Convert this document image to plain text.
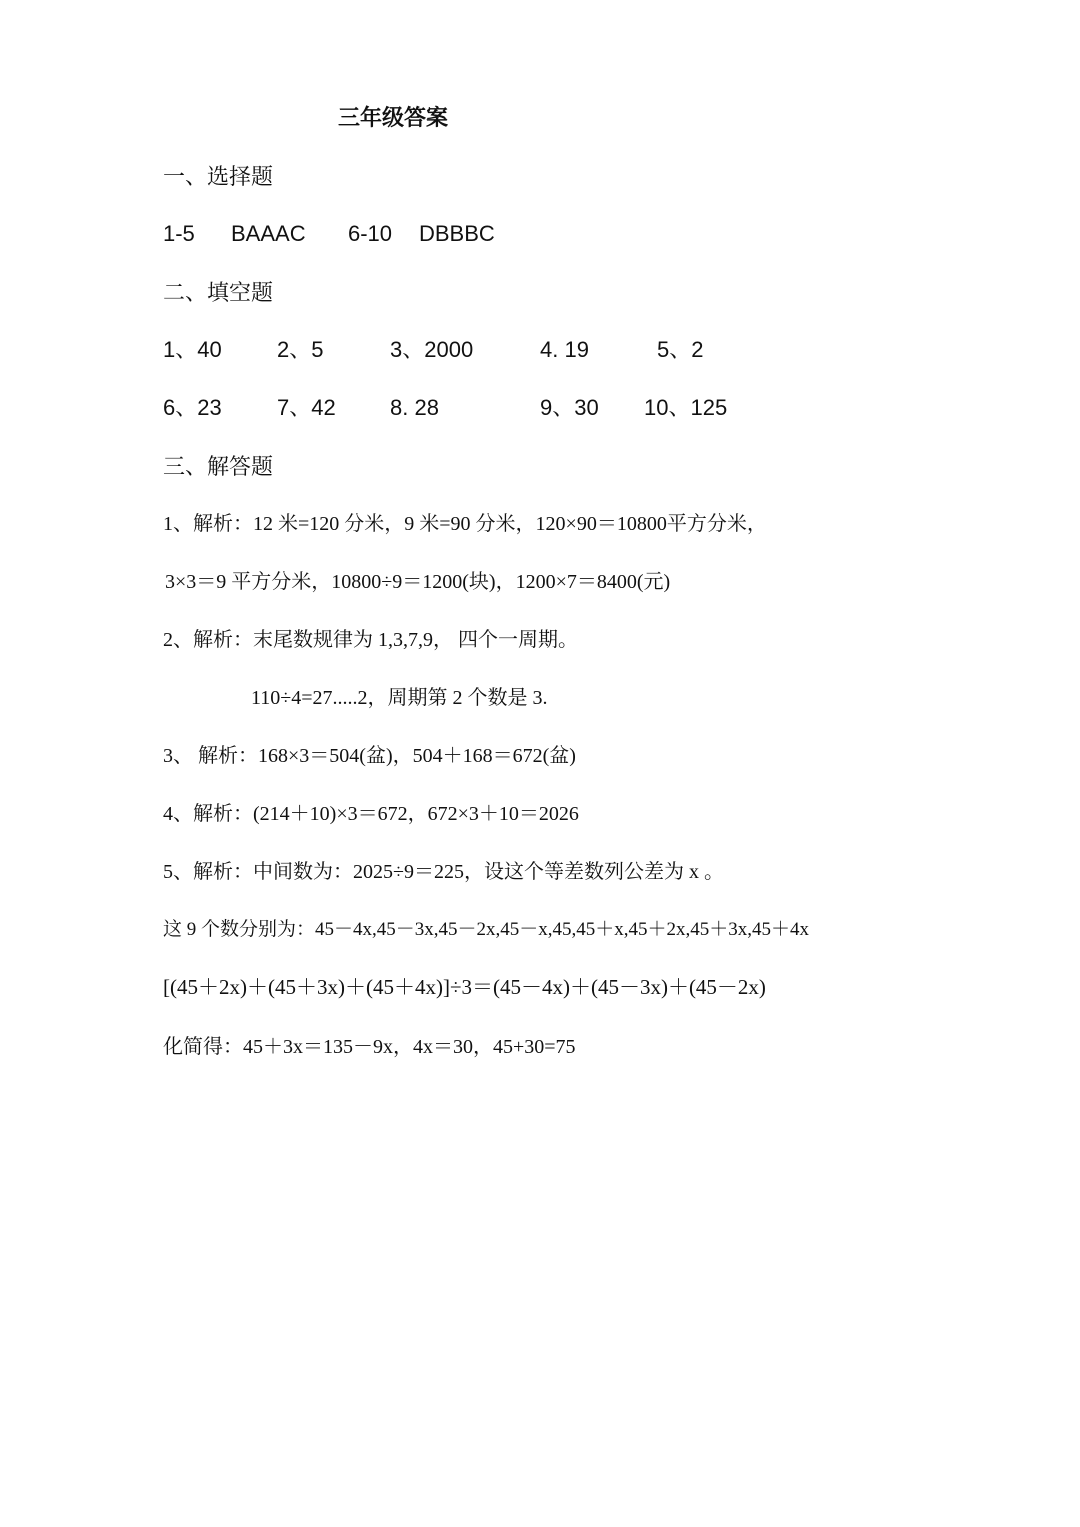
三年级答案
一、选择题
1-5 BAAAC 6-10 DBBBC
二、填空题
1、40	2、5	3、2000	4. 19	5、2
6、23	7、42 8. 28	9、30 10、125
三、解答题
1、解析：12 米=120 分米，9 米=90 分米，120×90＝10800平方分米，
3×3＝9 平方分米，10800÷9＝1200(块)，1200×7＝8400(元)
2、解析：末尾数规律为 1,3,7,9， 四个一周期。
110÷4=27.....2，周期第 2 个数是 3.
3、 解析：168×3＝504(盆)，504＋168＝672(盆)
4、解析：(214＋10)×3＝672，672×3＋10＝2026
5、解析：中间数为：2025÷9＝225，设这个等差数列公差为 x 。
这 9 个数分别为：45－4x,45－3x,45－2x,45－x,45,45＋x,45＋2x,45＋3x,45＋4x
[(45＋2x)＋(45＋3x)＋(45＋4x)]÷3＝(45－4x)＋(45－3x)＋(45－2x)
化简得：45＋3x＝135－9x，4x＝30，45+30=75
